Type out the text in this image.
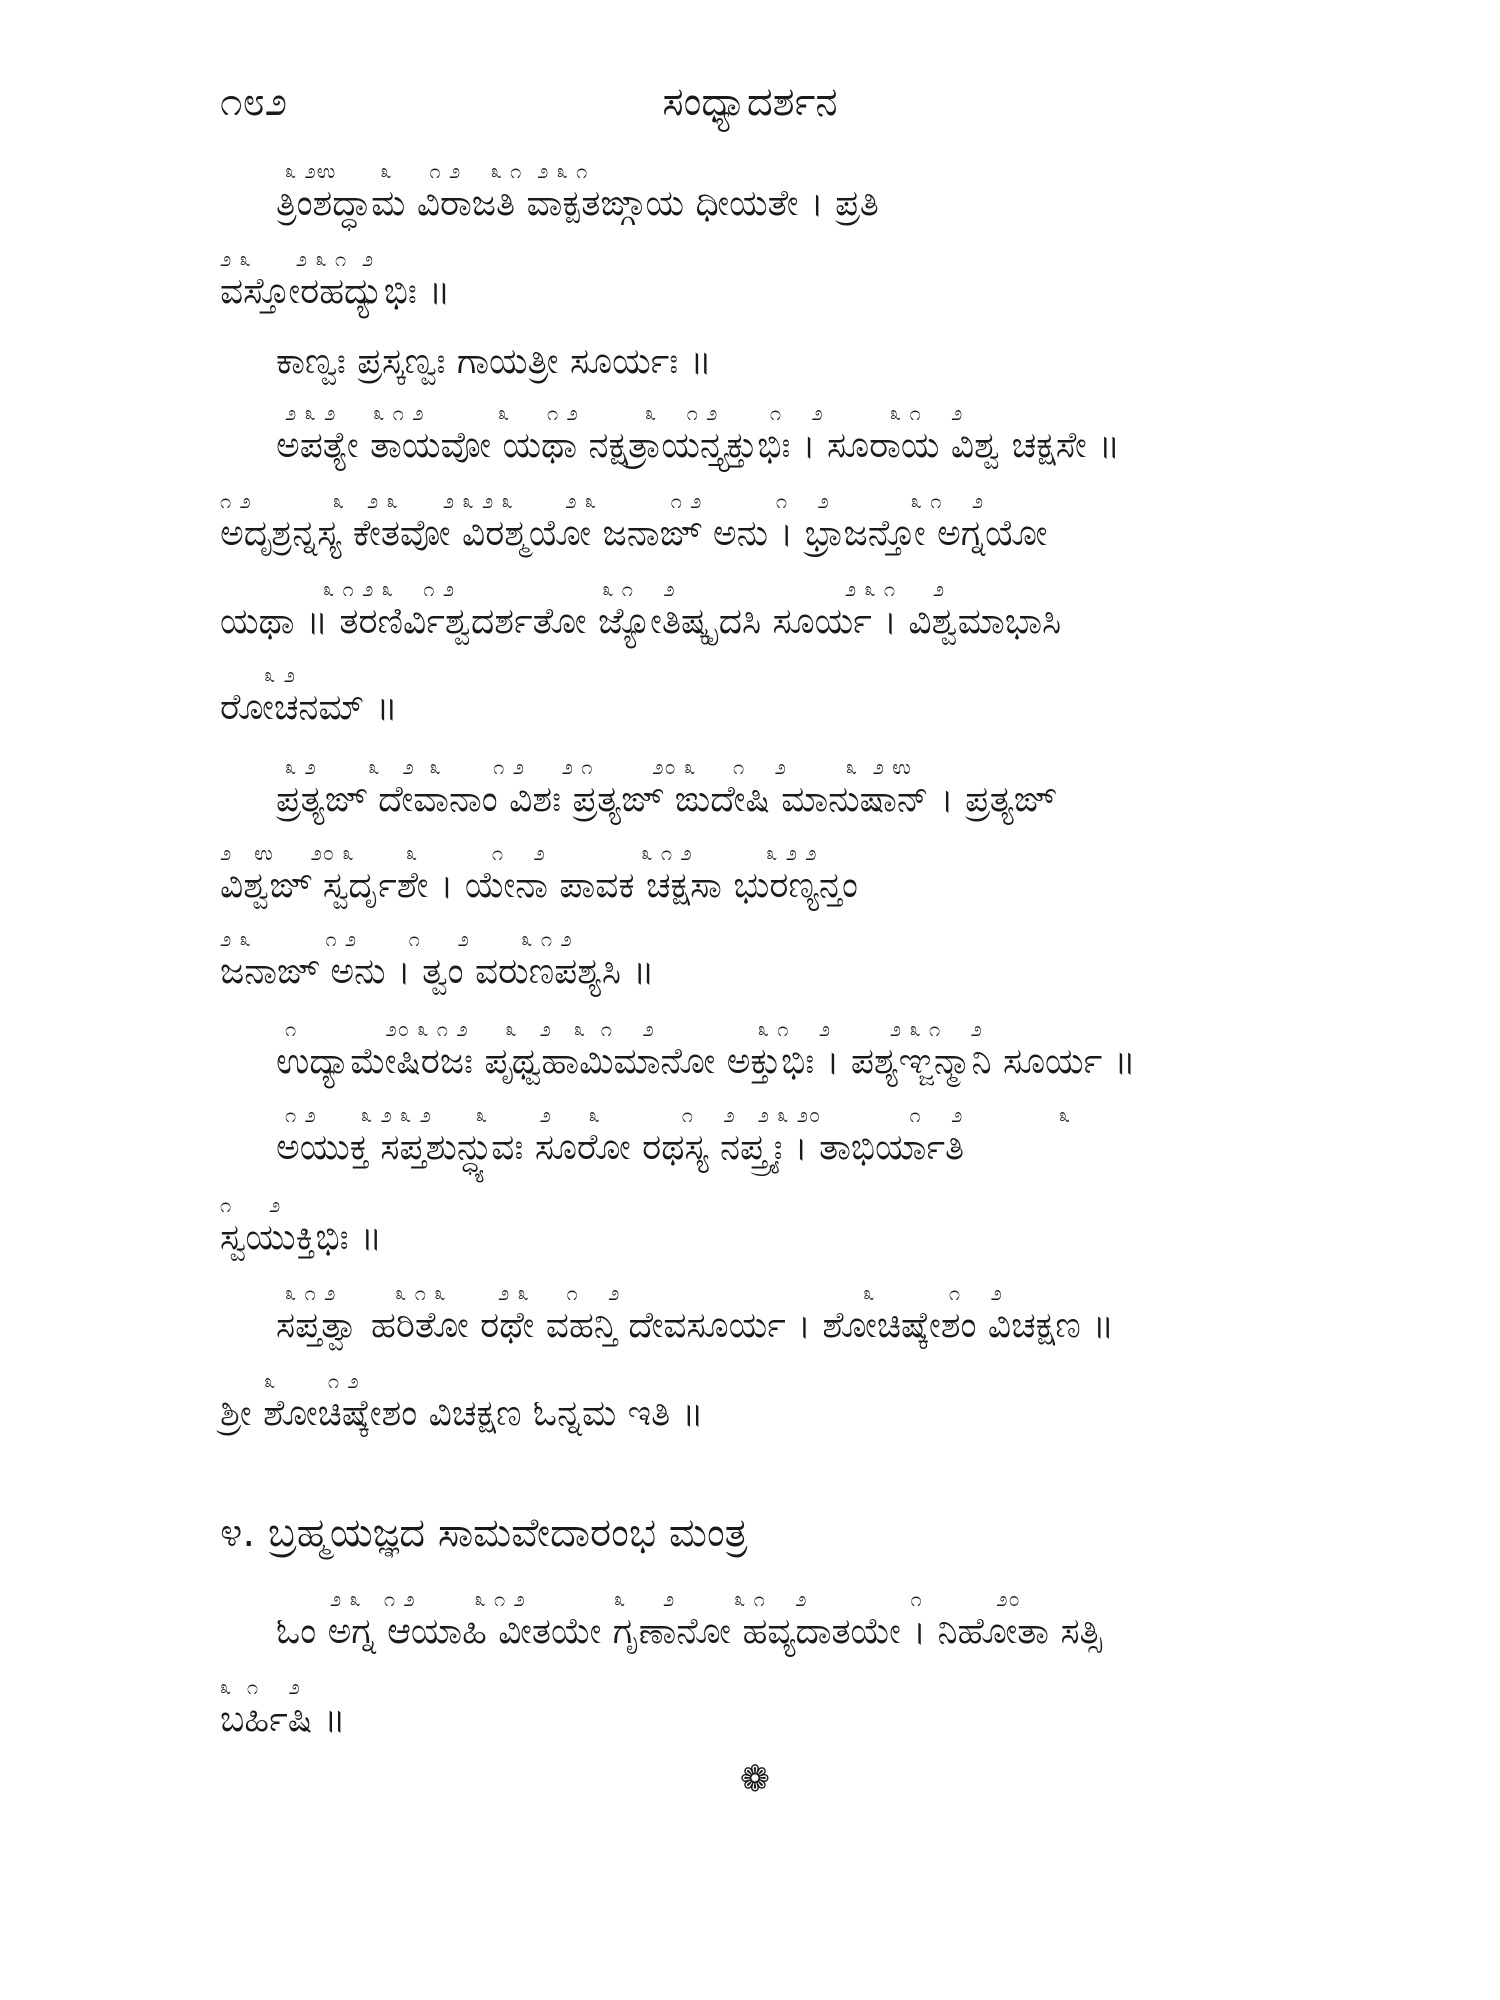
೧೮೨	ಸಂಧ್ಯಾದರ್ಶನ
೩ ೨ಉ      ೩     ೧ ೨    ೩ ೧  ೨ ೩ ೧
ತ್ರಿಂಶದ್ಧಾಮ ವಿರಾಜತಿ ವಾಕ್ಪತಙ್ಗಾಯ ಧೀಯತೇ । ಪ್ರತಿ
೨ ೩      ೨ ೩ ೧  ೨
ವಸ್ತೋರಹದ್ಯುಭಿಃ ॥
ಕಾಣ್ವಃ ಪ್ರಸ್ಕಣ್ವಃ ಗಾಯತ್ರೀ ಸೂರ್ಯಃ ॥
೨ ೩ ೨     ೩ ೧ ೨          ೩     ೧ ೨         ೩    ೧ ೨       ೧    ೨         ೩ ೧    ೨
ಅಪತ್ಯೇ ತಾಯವೋ ಯಥಾ ನಕ್ಷತ್ರಾಯನ್ತ್ಯಕ್ತುಭಿಃ । ಸೂರಾಯ ವಿಶ್ವ ಚಕ್ಷಸೇ ॥
೧ ೨           ೩   ೨ ೩      ೨ ೩ ೨ ೩       ೨ ೩          ೧ ೨          ೧    ೨           ೩ ೧    ೨
ಅದೃಶ್ರನ್ನಸ್ಯ ಕೇತವೋ ವಿರಶ್ಮಯೋ ಜನಾಙ್ ಅನು । ಭ್ರಾಜನ್ತೋ ಅಗ್ನಯೋ
೩ ೧ ೨ ೩    ೧ ೨                    ೩ ೧    ೨                       ೨ ೩ ೧     ೨
ಯಥಾ ॥ ತರಣಿರ್ವಿಶ್ವದರ್ಶತೋ ಜ್ಯೋತಿಷ್ಕೃದಸಿ ಸೂರ್ಯ । ವಿಶ್ವಮಾಭಾಸಿ
೩ ೨
ರೋಚನಮ್ ॥
೩ ೨       ೩   ೨  ೩       ೧ ೨     ೨ ೧        ೨೦ ೩     ೧    ೨        ೩  ೨ ಉ
ಪ್ರತ್ಯಙ್ ದೇವಾನಾಂ ವಿಶಃ ಪ್ರತ್ಯಙ್ ಙುದೇಷಿ ಮಾನುಷಾನ್ । ಪ್ರತ್ಯಙ್
೨   ಉ     ೨೦ ೩       ೩          ೧    ೨             ೩ ೧ ೨          ೩ ೨ ೨
ವಿಶ್ವಙ್ ಸ್ವರ್ದೃಶೇ । ಯೇನಾ ಪಾವಕ ಚಕ್ಷಸಾ ಭುರಣ್ಯನ್ತಂ
೨ ೩          ೧ ೨       ೧     ೨       ೩ ೧ ೨
ಜನಾಙ್ ಅನು । ತ್ವಂ ವರುಣಪಶ್ಯಸಿ ॥
೧            ೨೦ ೩ ೧ ೨     ೩   ೨   ೩  ೧    ೨              ೩ ೧    ೨        ೨ ೩ ೧    ೨
ಉದ್ಯಾಮೇಷಿರಜಃ ಪೃಥ್ವಹಾಮಿಮಾನೋ ಅಕ್ತುಭಿಃ । ಪಶ್ಯಞ್ಜನ್ಮಾನಿ ಸೂರ್ಯ ॥
೧ ೨      ೩ ೨ ೩ ೨      ೩       ೨     ೩           ೧    ೨   ೨ ೩ ೨೦            ೧    ೨             ೩
ಅಯುಕ್ತ ಸಪ್ತಶುನ್ಧ್ಯುವಃ ಸೂರೋ ರಥಸ್ಯ ನಪ್ತ್ರ್ಯಃ । ತಾಭಿರ್ಯಾತಿ
೧     ೨
ಸ್ವಯುಕ್ತಿಭಿಃ ॥
೩ ೧ ೨        ೩ ೧ ೩       ೨ ೩     ೧    ೨                                 ೩          ೧    ೨
ಸಪ್ತತ್ವಾ ಹರಿತೋ ರಥೇ ವಹನ್ತಿ ದೇವಸೂರ್ಯ । ಶೋಚಿಷ್ಕೇಶಂ ವಿಚಕ್ಷಣ ॥
೩       ೧ ೨
ಶ್ರೀ ಶೋಚಿಷ್ಕೇಶಂ ವಿಚಕ್ಷಣ ಓನ್ನಮ ಇತಿ ॥
೪. ಬ್ರಹ್ಮಯಜ್ಞದ ಸಾಮವೇದಾರಂಭ ಮಂತ್ರ
೨ ೩   ೧ ೨        ೩ ೧ ೨            ೩     ೨        ೩ ೧    ೨              ೧          ೨೦
ಓಂ ಅಗ್ನ ಆಯಾಹಿ ವೀತಯೇ ಗೃಣಾನೋ ಹವ್ಯದಾತಯೇ । ನಿಹೋತಾ ಸತ್ಸಿ
೩  ೧    ೨
ಬರ್ಹಿಷಿ ॥
❁
